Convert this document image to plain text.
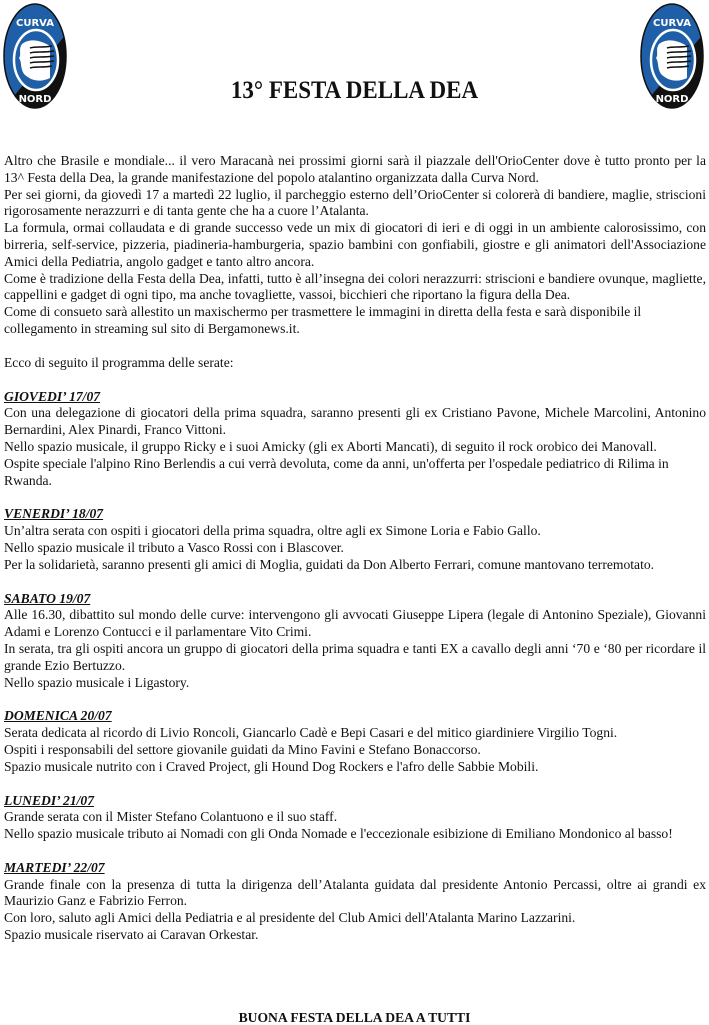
CURVA
NORD
CURVA
NORD
13° FESTA DELLA DEA

Altro che Brasile e mondiale... il vero Maracanà nei prossimi giorni sarà il piazzale dell'OrioCenter dove è tutto pronto per la 13^ Festa della Dea, la grande manifestazione del popolo atalantino organizzata dalla Curva Nord.

Per sei giorni, da giovedì 17 a martedì 22 luglio, il parcheggio esterno dell’OrioCenter si colorerà di bandiere, maglie, striscioni rigorosamente nerazzurri e di tanta gente che ha a cuore l’Atalanta.

La formula, ormai collaudata e di grande successo vede un mix di giocatori di ieri e di oggi in un ambiente calorosissimo, con birreria, self-service, pizzeria, piadineria-hamburgeria, spazio bambini con gonfiabili, giostre e gli animatori dell'Associazione Amici della Pediatria, angolo gadget e tanto altro ancora.

Come è tradizione della Festa della Dea, infatti, tutto è all’insegna dei colori nerazzurri: striscioni e bandiere ovunque, magliette, cappellini e gadget di ogni tipo, ma anche tovagliette, vassoi, bicchieri che riportano la figura della Dea.

Come di consueto sarà allestito un maxischermo per trasmettere le immagini in diretta della festa e sarà disponibile il collegamento in streaming sul sito di Bergamonews.it.

Ecco di seguito il programma delle serate:

GIOVEDI’ 17/07

Con una delegazione di giocatori della prima squadra, saranno presenti gli ex Cristiano Pavone, Michele Marcolini, Antonino Bernardini, Alex Pinardi, Franco Vittoni.

Nello spazio musicale, il gruppo Ricky e i suoi Amicky (gli ex Aborti Mancati), di seguito il rock orobico dei Manovall.

Ospite speciale l'alpino Rino Berlendis a cui verrà devoluta, come da anni, un'offerta per l'ospedale pediatrico di Rilima in Rwanda.

VENERDI’ 18/07

Un’altra serata con ospiti i giocatori della prima squadra, oltre agli ex Simone Loria e Fabio Gallo.

Nello spazio musicale il tributo a Vasco Rossi con i Blascover.

Per la solidarietà, saranno presenti gli amici di Moglia, guidati da Don Alberto Ferrari, comune mantovano terremotato.

SABATO 19/07

Alle 16.30, dibattito sul mondo delle curve: intervengono gli avvocati Giuseppe Lipera (legale di Antonino Speziale), Giovanni Adami e Lorenzo Contucci e il parlamentare Vito Crimi.

In serata, tra gli ospiti ancora un gruppo di giocatori della prima squadra e tanti EX a cavallo degli anni ‘70 e ‘80 per ricordare il grande Ezio Bertuzzo.

Nello spazio musicale i Ligastory.

DOMENICA 20/07

Serata dedicata al ricordo di Livio Roncoli, Giancarlo Cadè e Bepi Casari e del mitico giardiniere Virgilio Togni.

Ospiti i responsabili del settore giovanile guidati da Mino Favini e Stefano Bonaccorso.

Spazio musicale nutrito con i Craved Project, gli Hound Dog Rockers e l'afro delle Sabbie Mobili.

LUNEDI’ 21/07

Grande serata con il Mister Stefano Colantuono e il suo staff.

Nello spazio musicale tributo ai Nomadi con gli Onda Nomade e l'eccezionale esibizione di Emiliano Mondonico al basso!

MARTEDI’ 22/07

Grande finale con la presenza di tutta la dirigenza dell’Atalanta guidata dal presidente Antonio Percassi, oltre ai grandi ex Maurizio Ganz e Fabrizio Ferron.

Con loro, saluto agli Amici della Pediatria e al presidente del Club Amici dell'Atalanta Marino Lazzarini.

Spazio musicale riservato ai Caravan Orkestar.

BUONA FESTA DELLA DEA A TUTTI
